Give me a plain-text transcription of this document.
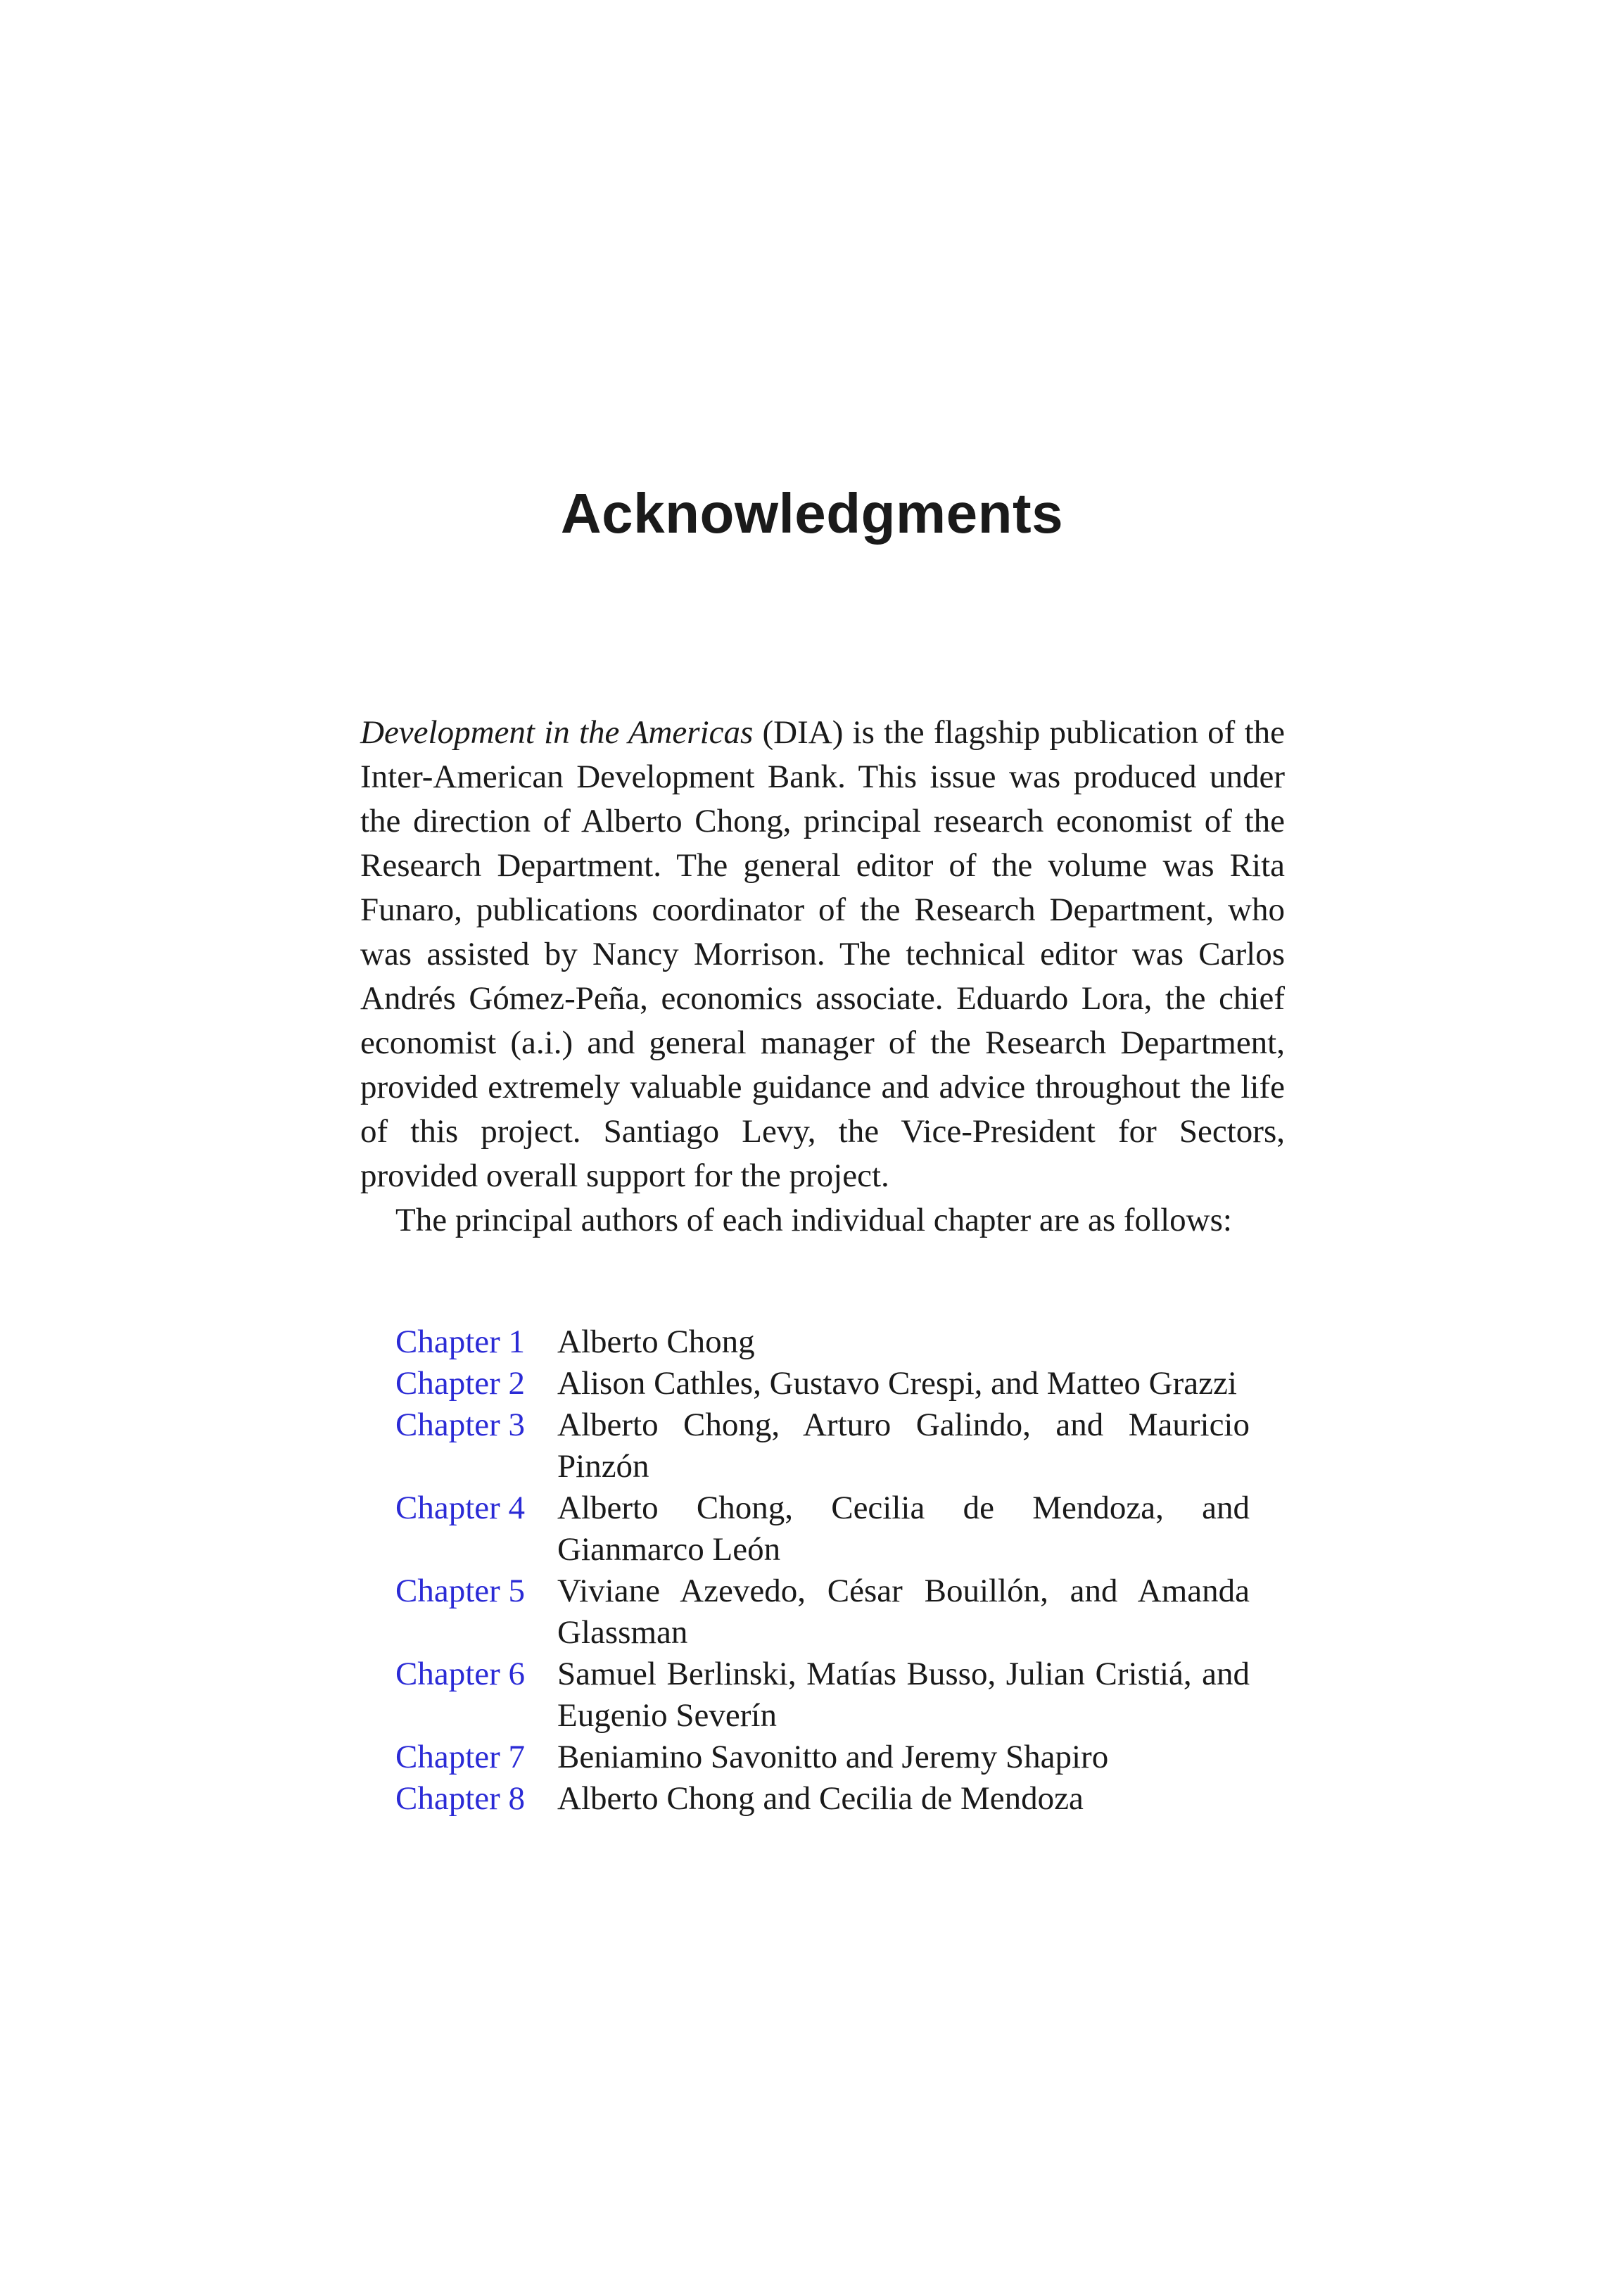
Acknowledgments

Development in the Americas (DIA) is the flagship publication of the Inter-American Development Bank. This issue was produced under the direction of Alberto Chong, principal research economist of the Research Department. The general editor of the volume was Rita Funaro, publications coordinator of the Research Department, who was assisted by Nancy Morrison. The technical editor was Carlos Andrés Gómez-Peña, economics associate. Eduardo Lora, the chief economist (a.i.) and general manager of the Research Department, provided extremely valuable guidance and advice throughout the life of this project. Santiago Levy, the Vice-President for Sectors, provided overall support for the project.

The principal authors of each individual chapter are as follows:

Chapter 1 Alberto Chong
Chapter 2 Alison Cathles, Gustavo Crespi, and Matteo Grazzi
Chapter 3 Alberto Chong, Arturo Galindo, and Mauricio Pinzón
Chapter 4 Alberto Chong, Cecilia de Mendoza, and Gianmarco León
Chapter 5 Viviane Azevedo, César Bouillón, and Amanda Glassman
Chapter 6 Samuel Berlinski, Matías Busso, Julian Cristiá, and Eugenio Severín
Chapter 7 Beniamino Savonitto and Jeremy Shapiro
Chapter 8 Alberto Chong and Cecilia de Mendoza
